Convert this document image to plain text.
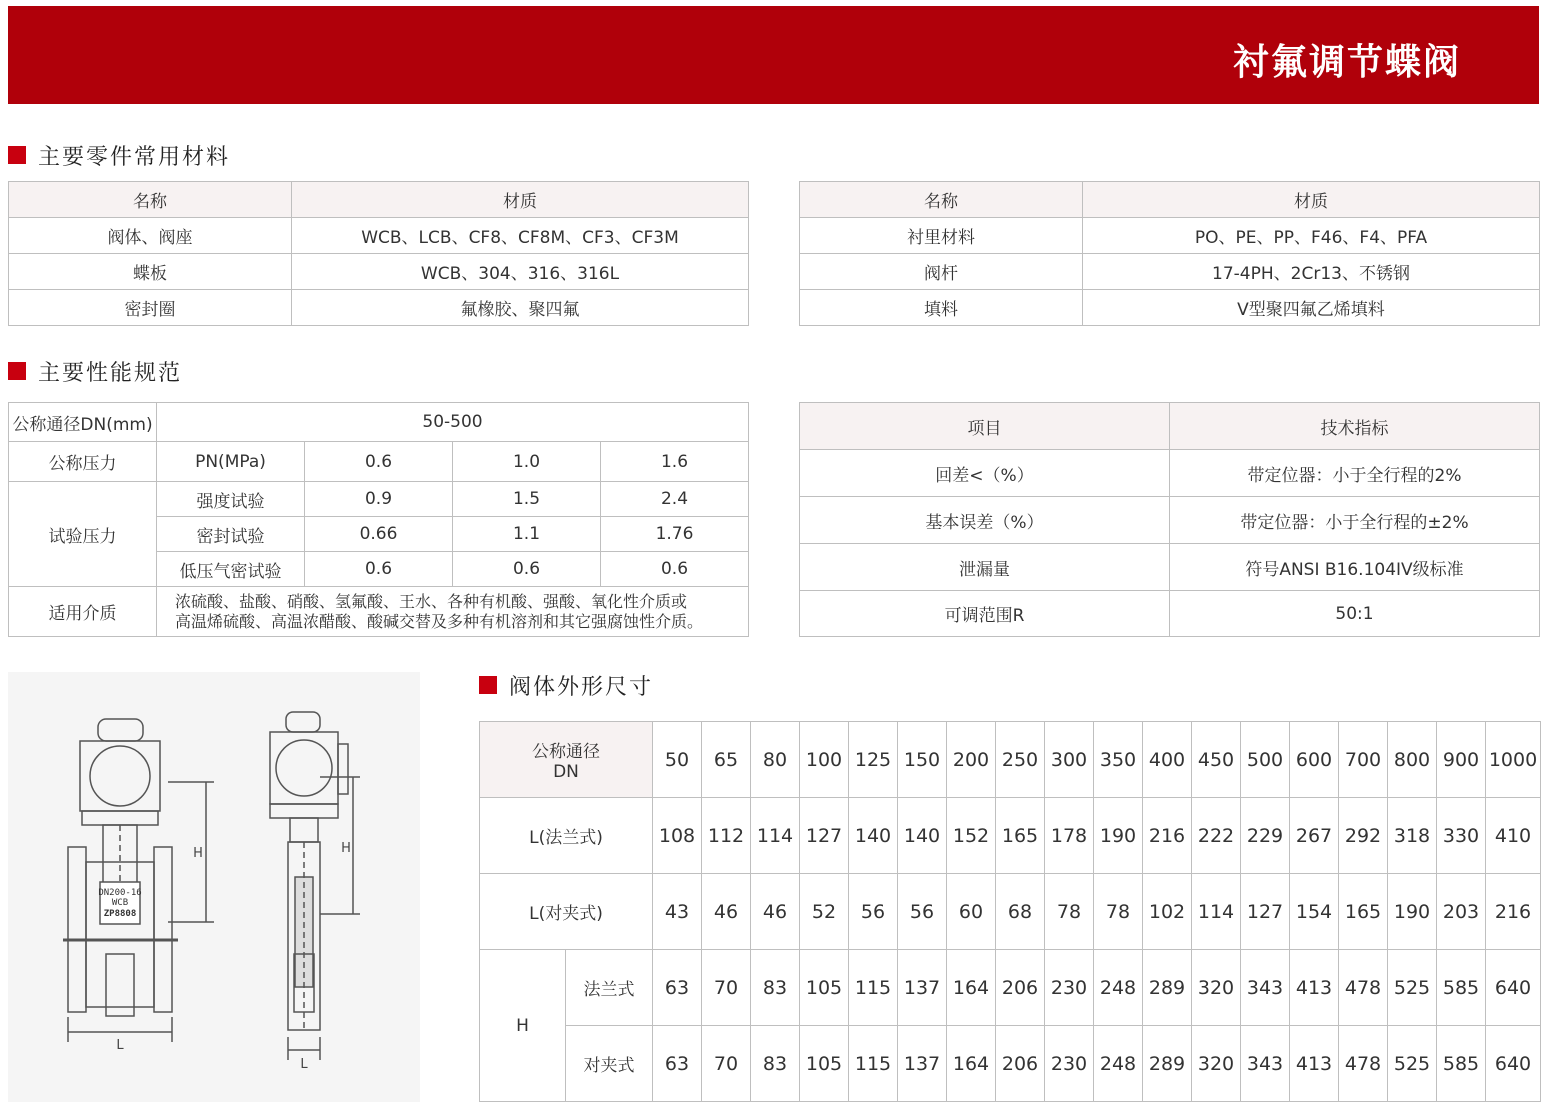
衬氟调节蝶阀
主要零件常用材料
名称	材质
阀体、阀座	WCB、LCB、CF8、CF8M、CF3、CF3M
蝶板	WCB、304、316、316L
密封圈	氟橡胶、聚四氟
名称	材质
衬里材料	PO、PE、PP、F46、F4、PFA
阀杆	17-4PH、2Cr13、不锈钢
填料	V型聚四氟乙烯填料
主要性能规范
公称通径DN(mm)	50-500			
公称压力	PN(MPa)	0.6	1.0	1.6
试验压力	强度试验	0.9	1.5	2.4
	密封试验	0.66	1.1	1.76
	低压气密试验	0.6	0.6	0.6
适用介质	浓硫酸、盐酸、硝酸、氢氟酸、王水、各种有机酸、强酸、氧化性介质或
高温烯硫酸、高温浓醋酸、酸碱交替及多种有机溶剂和其它强腐蚀性介质。			
项目	技术指标
回差<（%）	带定位器：小于全行程的2%
基本误差（%）	带定位器：小于全行程的±2%
泄漏量	符号ANSI B16.104IV级标准
可调范围R	50:1
DN200-16
WCB
ZP8808
L
H
L
H
阀体外形尺寸
公称通径
DN		50	65	80	100	125	150	200	250	300	350	400	450	500	600	700	800	900	1000
L(法兰式)		108	112	114	127	140	140	152	165	178	190	216	222	229	267	292	318	330	410
L(对夹式)		43	46	46	52	56	56	60	68	78	78	102	114	127	154	165	190	203	216
H	法兰式	63	70	83	105	115	137	164	206	230	248	289	320	343	413	478	525	585	640
	对夹式	63	70	83	105	115	137	164	206	230	248	289	320	343	413	478	525	585	640
